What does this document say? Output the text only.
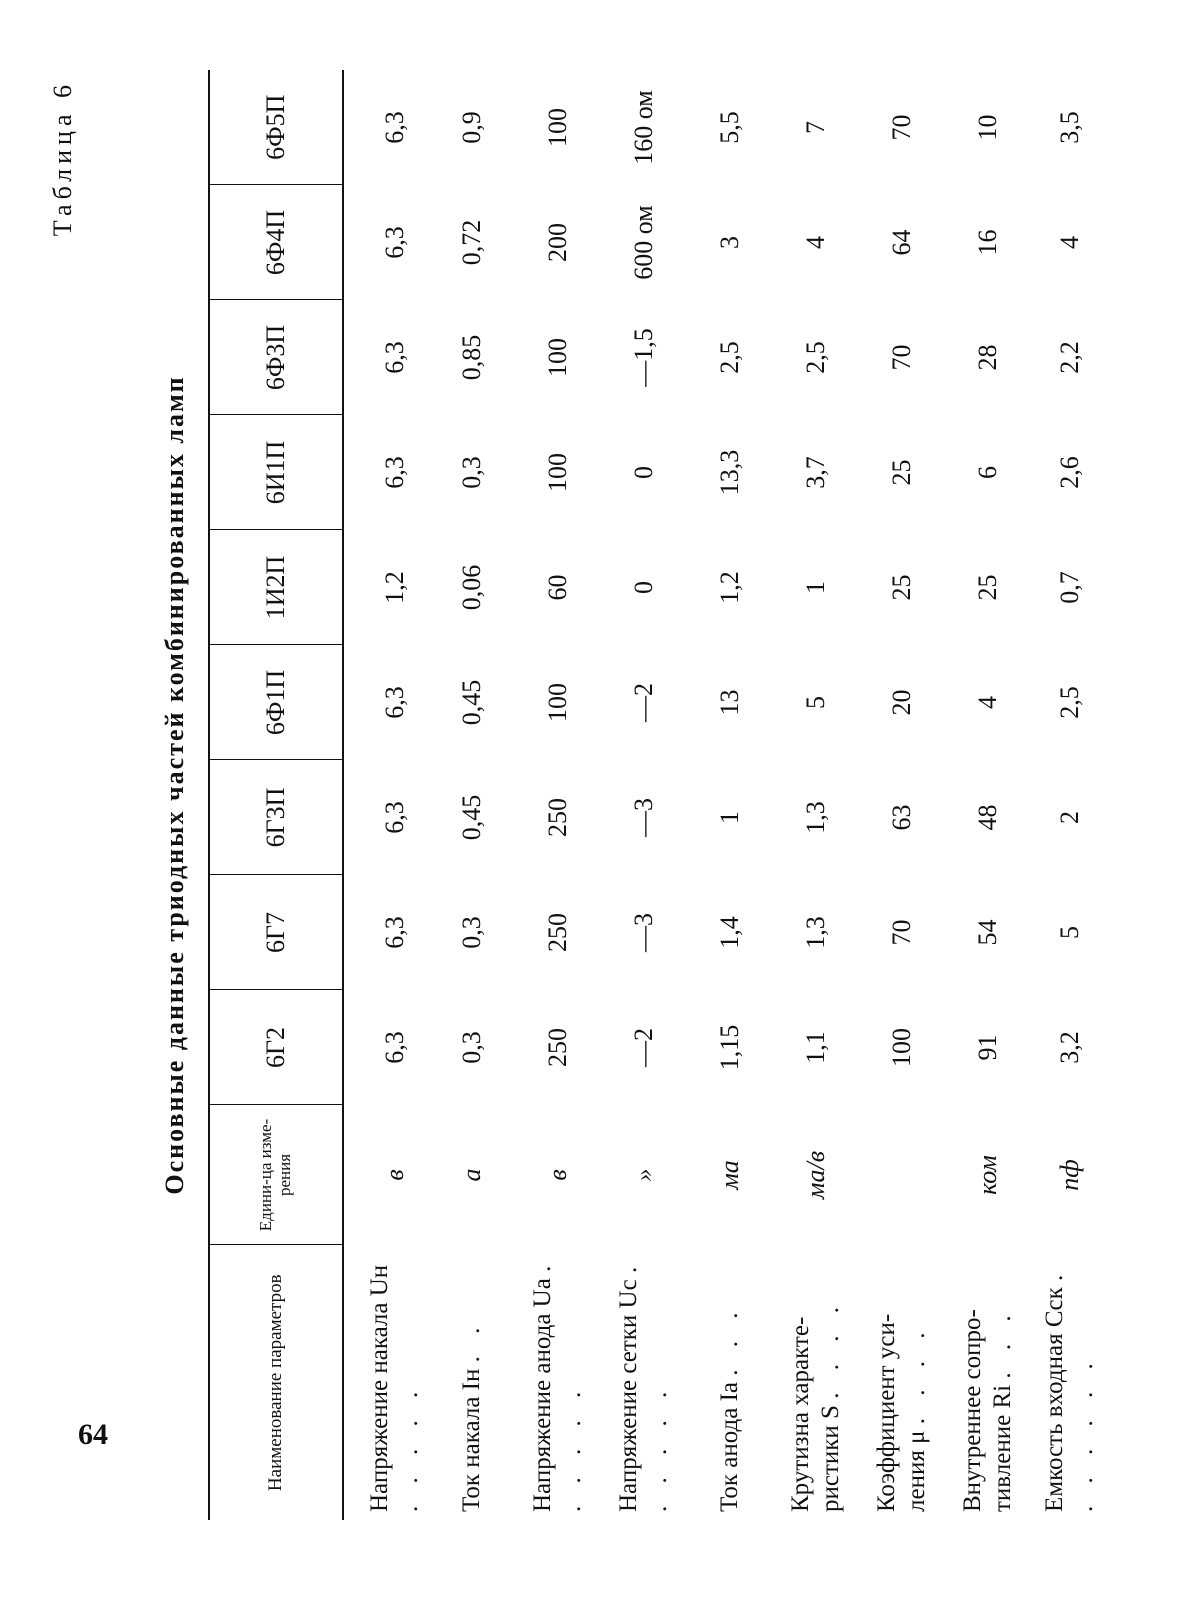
64
Таблица 6
Основные данные триодных частей комбинированных ламп
Наименование параметров	Едини-ца изме-рения	6Г2	6Г7	6Г3П	6Ф1П	1И2П	6И1П	6Ф3П	6Ф4П	6Ф5П
Напряжение накала Uн . . . . .	в	6,3	6,3	6,3	6,3	1,2	6,3	6,3	6,3	6,3
Ток накала Iн . .	а	0,3	0,3	0,45	0,45	0,06	0,3	0,85	0,72	0,9
Напряжение анода Uа . . . . . .	в	250	250	250	100	60	100	100	200	100
Напряжение сетки Uс . . . . . .	»	—2	—3	—3	—2	0	0	—1,5	600 ом	160 ом
Ток анода Iа . . .	ма	1,15	1,4	1	13	1,2	13,3	2,5	3	5,5
Крутизна характе-ристики S . . . .	ма/в	1,1	1,3	1,3	5	1	3,7	2,5	4	7
Коэффициент уси-ления μ . . . .		100	70	63	20	25	25	70	64	70
Внутреннее сопро-тивление Ri . . .	ком	91	54	48	4	25	6	28	16	10
Емкость входная Cск . . . . . . .	пф	3,2	5	2	2,5	0,7	2,6	2,2	4	3,5
